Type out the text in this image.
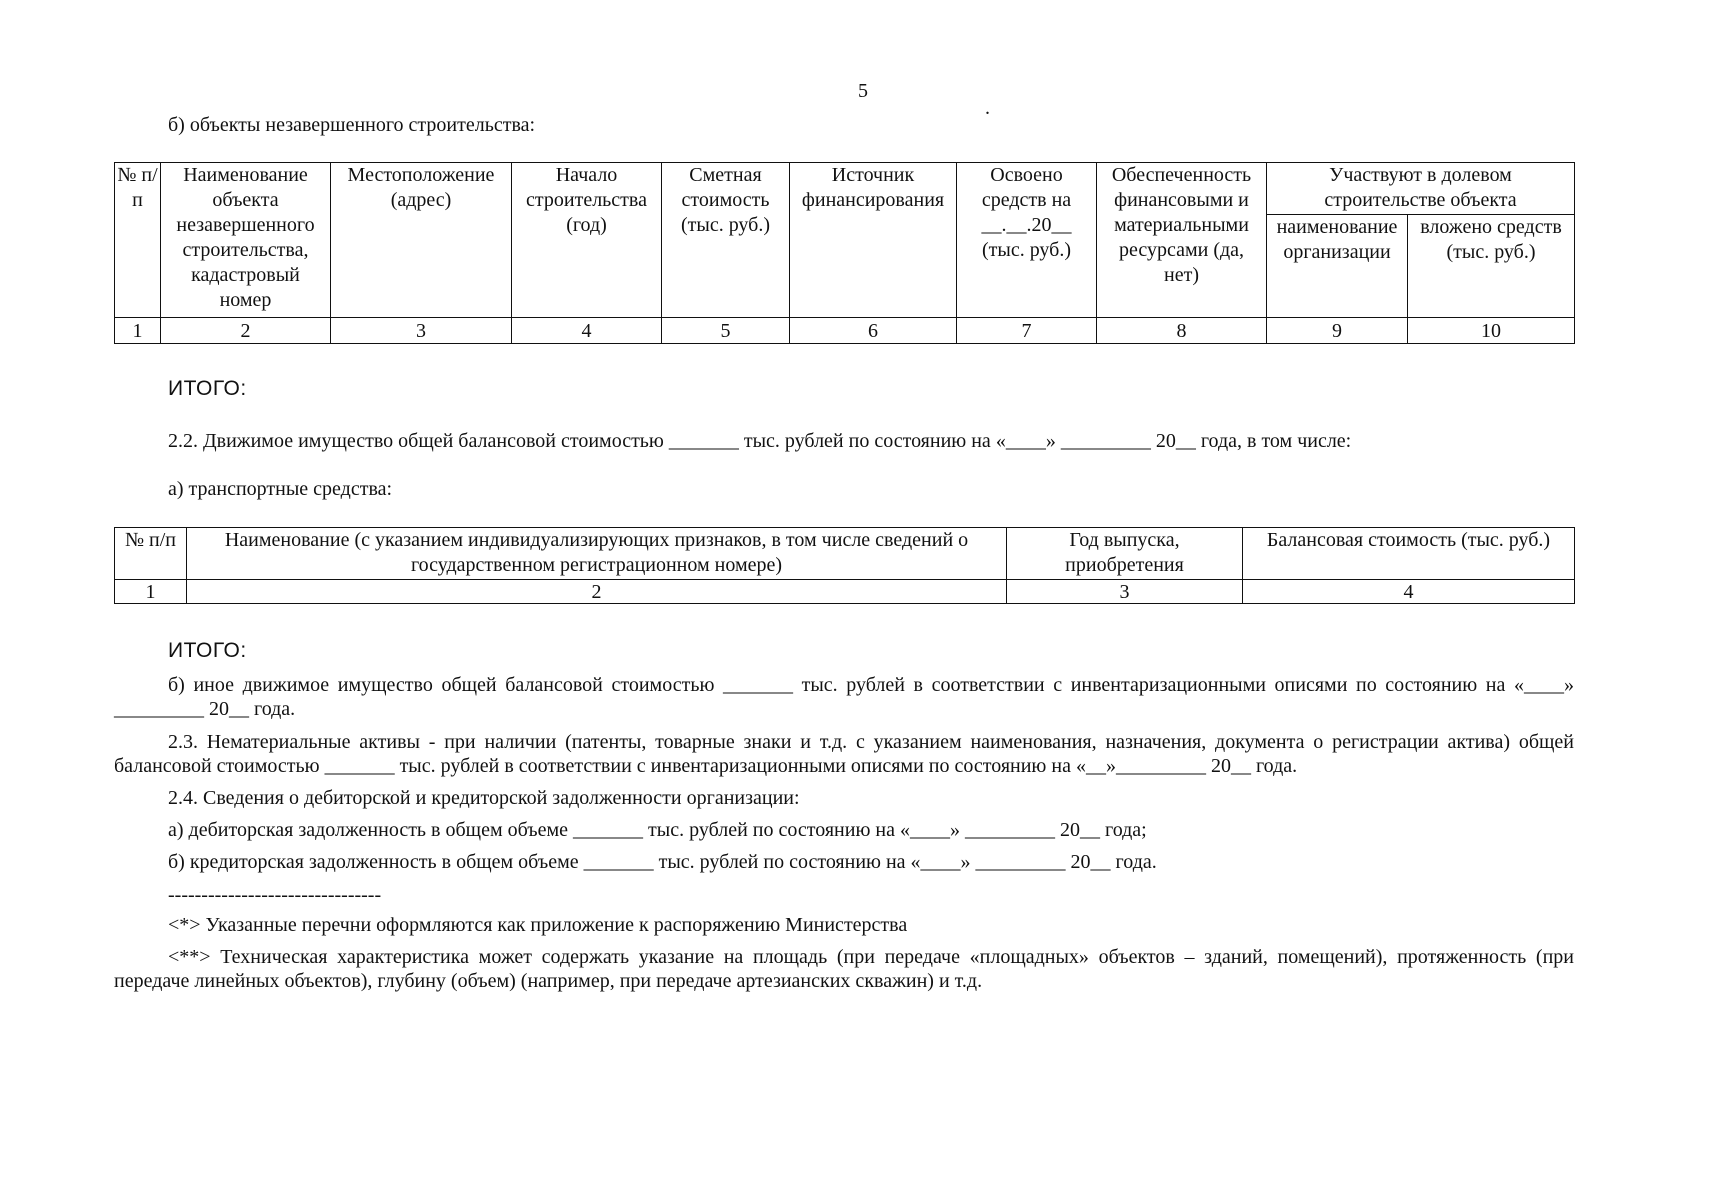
5
.
б) объекты незавершенного строительства:
№ п/п	Наименование объекта незавершенного строительства, кадастровый номер	Местоположение (адрес)	Начало строительства (год)	Сметная стоимость (тыс. руб.)	Источник финансирования	Освоено средств на __.__.20__ (тыс. руб.)	Обеспеченность финансовыми и материальными ресурсами (да, нет)	Участвуют в долевом строительстве объекта	
								наименование организации	вложено средств (тыс. руб.)
1	2	3	4	5	6	7	8	9	10
ИТОГО:
2.2. Движимое имущество общей балансовой стоимостью _______ тыс. рублей по состоянию на «____» _________ 20__ года, в том числе:
а) транспортные средства:
№ п/п	Наименование (с указанием индивидуализирующих признаков, в том числе сведений о государственном регистрационном номере)	Год выпуска, приобретения	Балансовая стоимость (тыс. руб.)
1	2	3	4
ИТОГО:
б) иное движимое имущество общей балансовой стоимостью _______ тыс. рублей в соответствии с инвентаризационными описями по состоянию на «____» _________ 20__ года.
2.3. Нематериальные активы - при наличии (патенты, товарные знаки и т.д. с указанием наименования, назначения, документа о регистрации актива) общей балансовой стоимостью _______ тыс. рублей в соответствии с инвентаризационными описями по состоянию на «__»_________ 20__ года.
2.4. Сведения о дебиторской и кредиторской задолженности организации:
а) дебиторская задолженность в общем объеме _______ тыс. рублей по состоянию на «____» _________ 20__ года;
б) кредиторская задолженность в общем объеме _______ тыс. рублей по состоянию на «____» _________ 20__ года.
--------------------------------
<*> Указанные перечни оформляются как приложение к распоряжению Министерства
<**> Техническая характеристика может содержать указание на площадь (при передаче «площадных» объектов – зданий, помещений), протяженность (при передаче линейных объектов), глубину (объем) (например, при передаче артезианских скважин) и т.д.
